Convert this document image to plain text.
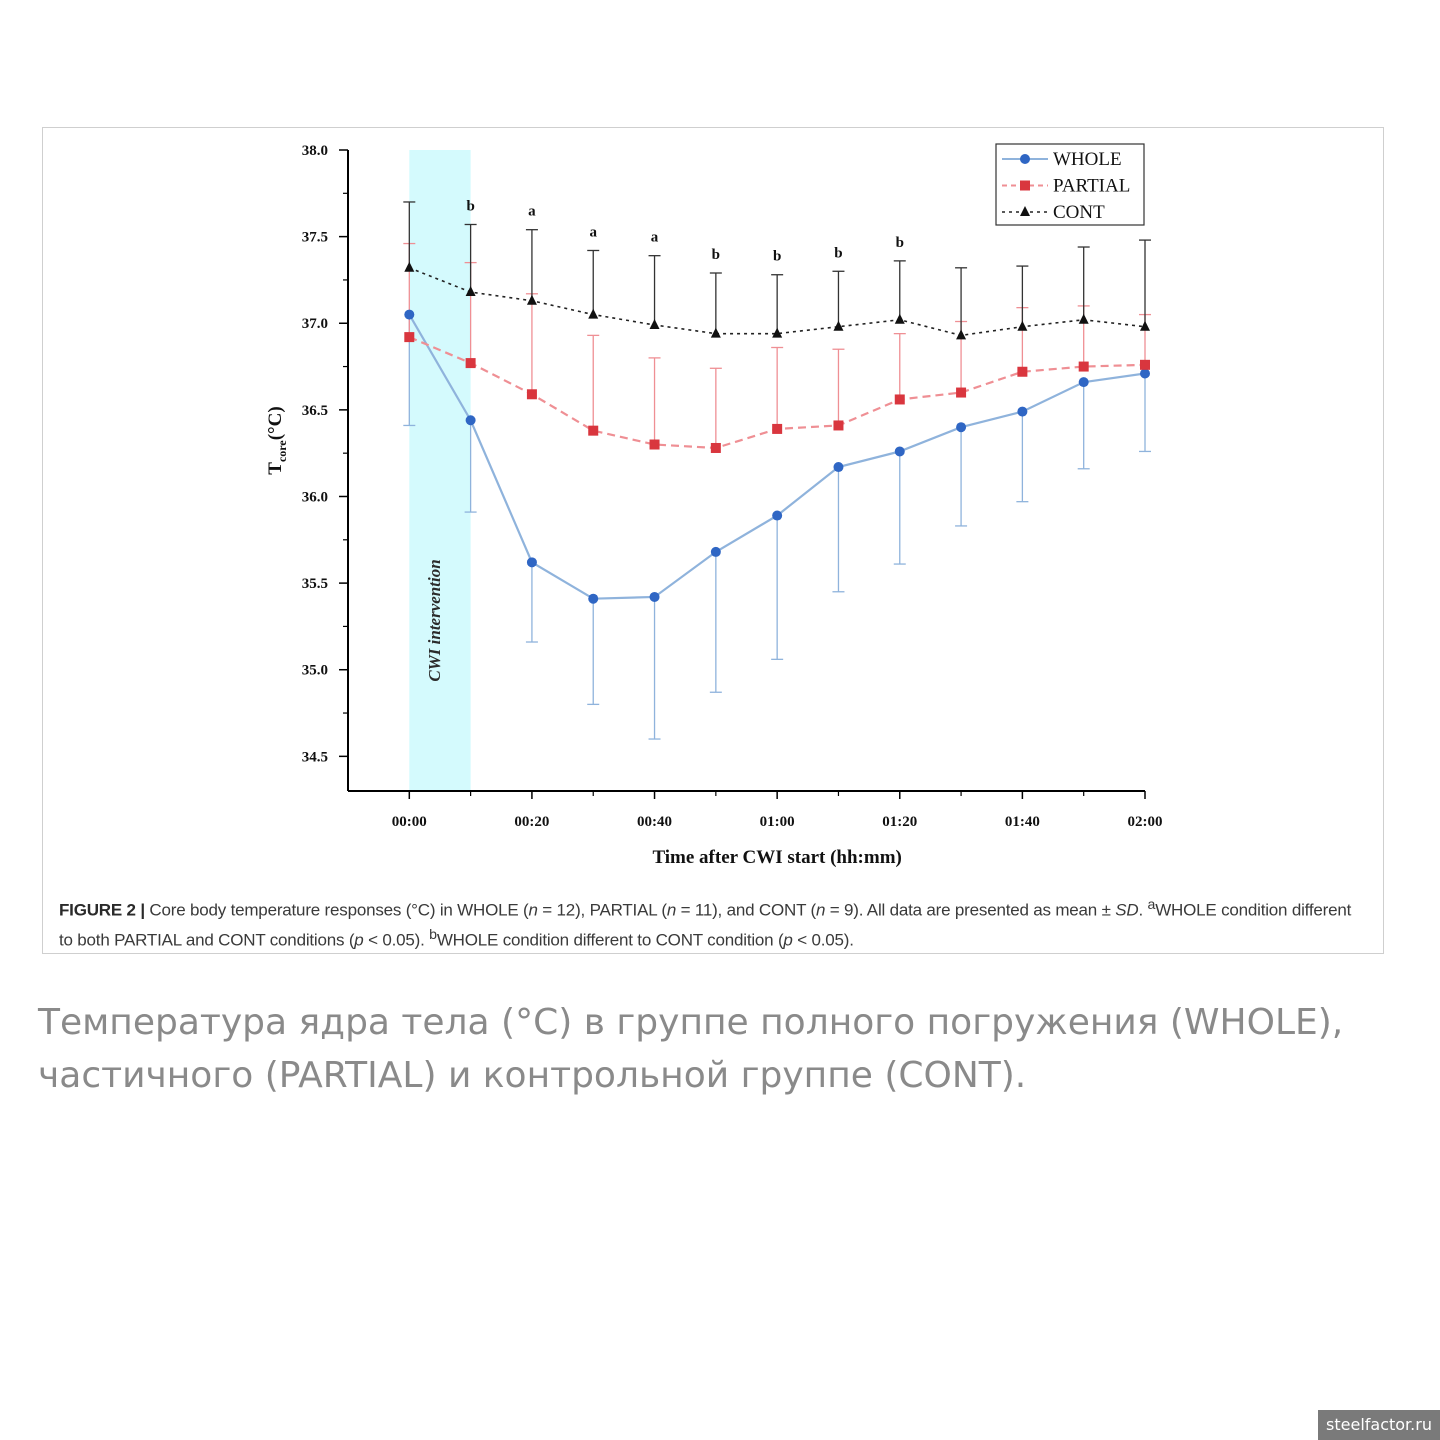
CWI intervention
38.0
37.5
37.0
36.5
36.0
35.5
35.0
34.5
00:00	00:20	00:40	01:00	01:20	01:40	02:00
Time after CWI start (hh:mm)
$T_{core}(^\circ C)$
b	a
a	a
b	b	b
b
WHOLE
PARTIAL
CONT
FIGURE 2 | Core body temperature responses (°C) in WHOLE (n = 12), PARTIAL (n = 11), and CONT (n = 9). All data are presented as mean ± SD. $^a$WHOLE condition different to both PARTIAL and CONT conditions (p < 0.05). $^b$WHOLE condition different to CONT condition (p < 0.05).
Температура ядра тела (°C) в группе полного погружения (WHOLE), частичного (PARTIAL) и контрольной группе (CONT).
steelfactor.ru
